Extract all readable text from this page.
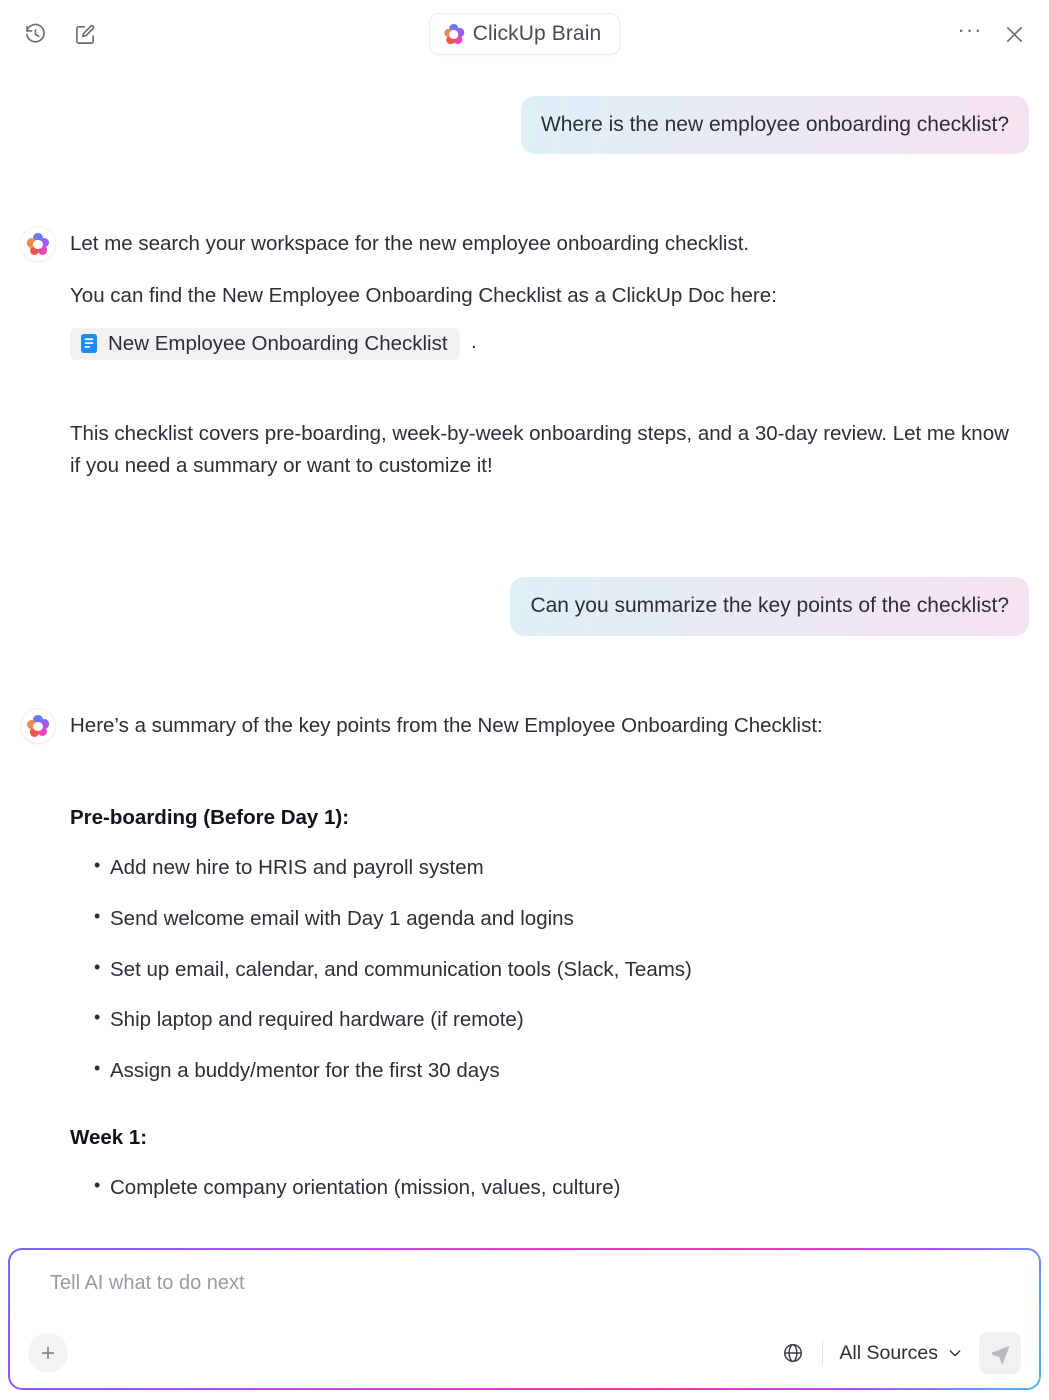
ClickUp Brain	···
Where is the new employee onboarding checklist?
Let me search your workspace for the new employee onboarding checklist.
You can find the New Employee Onboarding Checklist as a ClickUp Doc here:
New Employee Onboarding Checklist .
This checklist covers pre-boarding, week-by-week onboarding steps, and a 30-day review. Let me know if you need a summary or want to customize it!
Can you summarize the key points of the checklist?
Here’s a summary of the key points from the New Employee Onboarding Checklist:
Pre-boarding (Before Day 1):
• Add new hire to HRIS and payroll system
• Send welcome email with Day 1 agenda and logins
• Set up email, calendar, and communication tools (Slack, Teams)
• Ship laptop and required hardware (if remote)
• Assign a buddy/mentor for the first 30 days
Week 1:
• Complete company orientation (mission, values, culture)
Tell AI what to do next
All Sources
